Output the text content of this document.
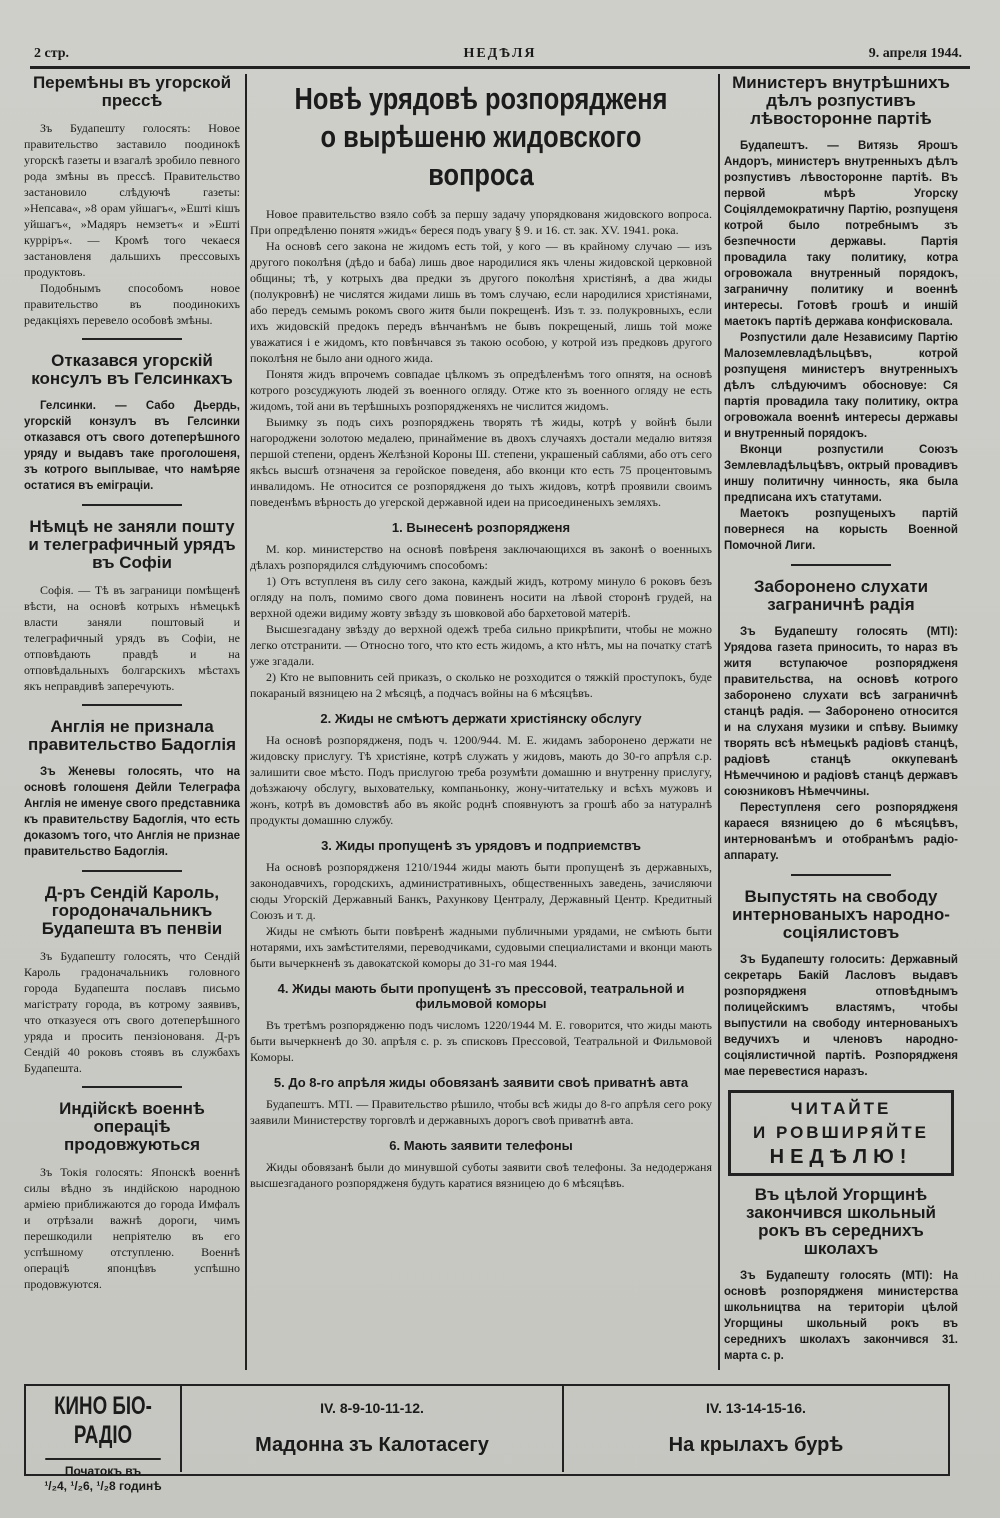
2 стр.	НЕДѢЛЯ	9. апреля 1944.
Перемѣны въ угорской прессѣ

Зъ Будапешту голосять: Новое правительство заставило поодинокѣ угорскѣ газеты и взагалѣ зробило певного рода змѣны въ прессѣ. Правительство застановило слѣдуючѣ газеты: »Непсава«, »8 орам уйшагъ«, »Ешті кішъ уйшагъ«, »Мадяръ немзетъ« и »Ешті курріръ«. — Кромѣ того чекаеся застановленя дальшихъ прессовыхъ продуктовъ.

Подобнымъ способомъ новое правительство въ поодинокихъ редакціяхъ перевело особовѣ змѣны.

Отказався угорскій консулъ въ Гелсинкахъ

Гелсинки. — Сабо Дьердь, угорскій конзулъ въ Гелсинки отказався отъ свого дотеперѣшного уряду и выдавъ таке проголошеня, зъ котрого выплывае, что намѣряе остатися въ еміграціи.

Нѣмцѣ не заняли пошту и телеграфичный урядъ въ Софіи

Софія. — Тѣ въ заграници помѣщенѣ вѣсти, на основѣ котрыхъ нѣмецькѣ власти заняли поштовый и телеграфичный урядъ въ Софіи, не отповѣдають правдѣ и на отповѣдальныхъ болгарскихъ мѣстахъ якъ неправдивѣ заперечують.

Англія не признала правительство Бадоглія

Зъ Женевы голосять, что на основѣ голошеня Дейли Телеграфа Англія не именуе свого представника къ правительству Бадоглія, что есть доказомъ того, что Англія не признае правительство Бадоглія.

Д-ръ Сендій Кароль, городоначальникъ Будапешта въ пенвіи

Зъ Будапешту голосять, что Сендій Кароль градоначальникъ головного города Будапешта пославъ письмо магістрату города, въ котрому заявивъ, что отказуеся отъ свого дотеперѣшного уряда и просить пензіонованя. Д-ръ Сендій 40 роковъ стоявъ въ службахъ Будапешта.

Индійскѣ военнѣ операціѣ продовжуються

Зъ Токія голосять: Японскѣ военнѣ силы вѣдно зъ индійскою народною арміею приближаются до города Имфалъ и отрѣзали важнѣ дороги, чимъ перешкодили непріятелю въ его успѣшному отступленю. Военнѣ операціѣ японцѣвъ успѣшно продовжуются.

Новѣ урядовѣ розпорядженя о вырѣшеню жидовского вопроса

Новое правительство взяло собѣ за першу задачу упорядкованя жидовского вопроса. При опредѣленю понятя »жидъ« береся подъ увагу § 9. и 16. ст. зак. XV. 1941. рока.

На основѣ сего закона не жидомъ есть той, у кого — въ крайному случаю — изъ другого поколѣня (дѣдо и баба) лишь двое народилися якъ члены жидовской церковной общины; тѣ, у котрыхъ два предки зъ другого поколѣня христіянѣ, а два жиды (полукровнѣ) не числятся жидами лишь въ томъ случаю, если народилися христіянами, або передъ семымъ рокомъ свого житя были покрещенѣ. Изъ т. зз. полукровныхъ, если ихъ жидовскій предокъ передъ вѣнчанѣмъ не бывъ покрещеный, лишь той може уважатися і е жидомъ, кто повѣнчався зъ такою особою, у котрой изъ предковъ другого поколѣня не было ани одного жида.

Понятя жидъ впрочемъ совпадае цѣлкомъ зъ опредѣленѣмъ того опнятя, на основѣ котрого розсуджують людей зъ военного огляду. Отже кто зъ военного огляду не есть жидомъ, той ани въ терѣшныхъ розпорядженяхъ не числится жидомъ.

Выимку зъ подъ сихъ розпоряджень творять тѣ жиды, котрѣ у войнѣ были нагороджени золотою медалею, принаймение въ двохъ случаяхъ достали медалю витязя першой степени, орденъ Желѣзной Короны Ш. степени, украшеный саблями, або отъ сего якѣсь высшѣ отзначеня за геройское поведеня, або вконци кто есть 75 процентовымъ инвалидомъ. Не относится се розпорядженя до тыхъ жидовъ, котрѣ проявили своимъ поведенѣмъ вѣрность до угерской державной идеи на присоединеныхъ земляхъ.

1. Вынесенѣ розпорядженя

М. кор. министерство на основѣ повѣреня заключающихся въ законѣ о военныхъ дѣлахъ розпорядился слѣдуючимъ способомъ:

1) Отъ вступленя въ силу сего закона, каждый жидъ, котрому минуло 6 роковъ безъ огляду на полъ, помимо свого дома повиненъ носити на лѣвой сторонѣ грудей, на верхной одежи видиму жовту звѣзду зъ шовковой або бархетовой матеріѣ.

Высшезгадану звѣзду до верхной одежѣ треба сильно прикрѣпити, чтобы не можно легко отстранити. — Относно того, что кто есть жидомъ, а кто нѣтъ, мы на початку статѣ уже згадали.

2) Кто не выповнить сей приказъ, о сколько не розходится о тяжкій проступокъ, буде покараный вязницею на 2 мѣсяцѣ, а подчасъ войны на 6 мѣсяцѣвъ.

2. Жиды не смѣютъ держати христіянску обслугу

На основѣ розпорядженя, подъ ч. 1200/944. М. Е. жидамъ заборонено держати не жидовску прислугу. Тѣ христіяне, котрѣ служать у жидовъ, мають до 30-го апрѣля с.р. залишити свое мѣсто. Подъ прислугою треба розумѣти домашню и внутренну прислугу, доѣзжаючу обслугу, выховательку, компаньонку, жону-читательку и всѣхъ мужовъ и жонъ, котрѣ въ домовствѣ або въ якойс роднѣ споявнуютъ за грошѣ або за натуралнѣ продукты домашню службу.

3. Жиды пропущенѣ зъ урядовъ и подприемствъ

На основѣ розпорядженя 1210/1944 жиды мають быти пропущенѣ зъ державныхъ, законодавчихъ, городскихъ, административныхъ, общественныхъ заведень, зачисляючи сюды Угорскій Державный Банкъ, Рахункову Централу, Державный Центр. Кредитный Союзъ и т. д.

Жиды не смѣють быти повѣренѣ жадными публичными урядами, не смѣють быти нотарями, ихъ замѣстителями, переводчиками, судовыми специалистами и вконци мають быти вычеркненѣ зъ давокатской коморы до 31-го мая 1944.

4. Жиды мають быти пропущенѣ зъ прессовой, театральной и фильмовой коморы

Въ третѣмъ розпорядженю подъ числомъ 1220/1944 М. Е. говорится, что жиды мають быти вычеркненѣ до 30. апрѣля с. р. зъ списковъ Прессовой, Театральной и Фильмовой Коморы.

5. До 8-го апрѣля жиды обовязанѣ заявити своѣ приватнѣ авта

Будапештъ. МТІ. — Правительство рѣшило, чтобы всѣ жиды до 8-го апрѣля сего року заявили Министерству торговлѣ и державныхъ дорогъ своѣ приватнѣ авта.

6. Мають заявити телефоны

Жиды обовязанѣ были до минувшой суботы заявити своѣ телефоны. За недодержаня высшезгаданого розпорядженя будуть каратися вязницею до 6 мѣсяцѣвъ.

Министеръ внутрѣшнихъ дѣлъ розпустивъ лѣвосторонне партіѣ

Будапештъ. — Витязь Ярошъ Андоръ, министеръ внутренныхъ дѣлъ розпустивъ лѣвосторонне партіѣ. Въ первой мѣрѣ Угорску Соціялдемократичну Партію, розпущеня котрой было потребнымъ зъ безпечности державы. Партія провадила таку политику, котра огровожала внутренный порядокъ, заграничну политику и военнѣ интересы. Готовѣ грошѣ и иншій маетокъ партіѣ держава конфисковала.

Розпустили дале Независиму Партію Малоземлевладѣльцѣвъ, котрой розпущеня министеръ внутренныхъ дѣлъ слѣдуючимъ обосновуе: Ся партія провадила таку политику, октра огровожала военнѣ интересы державы и внутренный порядокъ.

Вконци розпустили Союзъ Землевладѣльцѣвъ, октрый провадивъ иншу политичну чинность, яка была предписана ихъ статутами.

Маетокъ розпущеныхъ партій повернеся на корысть Военной Помочной Лиги.

Заборонено слухати заграничнѣ радія

Зъ Будапешту голосять (МТІ): Урядова газета приносить, то нараз въ житя вступаючое розпорядженя правительства, на основѣ котрого заборонено слухати всѣ заграничнѣ станцѣ радія. — Заборонено относится и на слуханя музики и спѣву. Выимку творять всѣ нѣмецькѣ радіовѣ станцѣ, радіовѣ станцѣ оккупеванѣ Нѣмеччиною и радіовѣ станцѣ державъ союзниковъ Нѣмеччины.

Переступленя сего розпорядженя караеся вязницею до 6 мѣсяцѣвъ, интернованѣмъ и отобранѣмъ радіо-аппарату.

Выпустять на свободу интернованыхъ народно-соціялистовъ

Зъ Будапешту голосить: Державный секретарь Бакій Ласловъ выдавъ розпорядженя отповѣднымъ полицейскимъ властямъ, чтобы выпустили на свободу интернованыхъ ведучихъ и членовъ народно-соціялистичной партіѣ. Розпорядженя мае перевестися наразъ.

ЧИТАЙТЕ
И РОВШИРЯЙТЕ
НЕДѢЛЮ!
Въ цѣлой Угорщинѣ закончився школьный рокъ въ середнихъ школахъ

Зъ Будапешту голосять (МТІ): На основѣ розпорядженя министерства школьництва на територіи цѣлой Угорщины школьный рокъ въ середнихъ школахъ закончився 31. марта с. р.

КИНО БІО-РАДІО
Початокъ въ
¹/₂4, ¹/₂6, ¹/₂8 годинѣ
IV. 8-9-10-11-12.
Мадонна зъ Калотасегу
IV. 13-14-15-16.
На крылахъ бурѣ
